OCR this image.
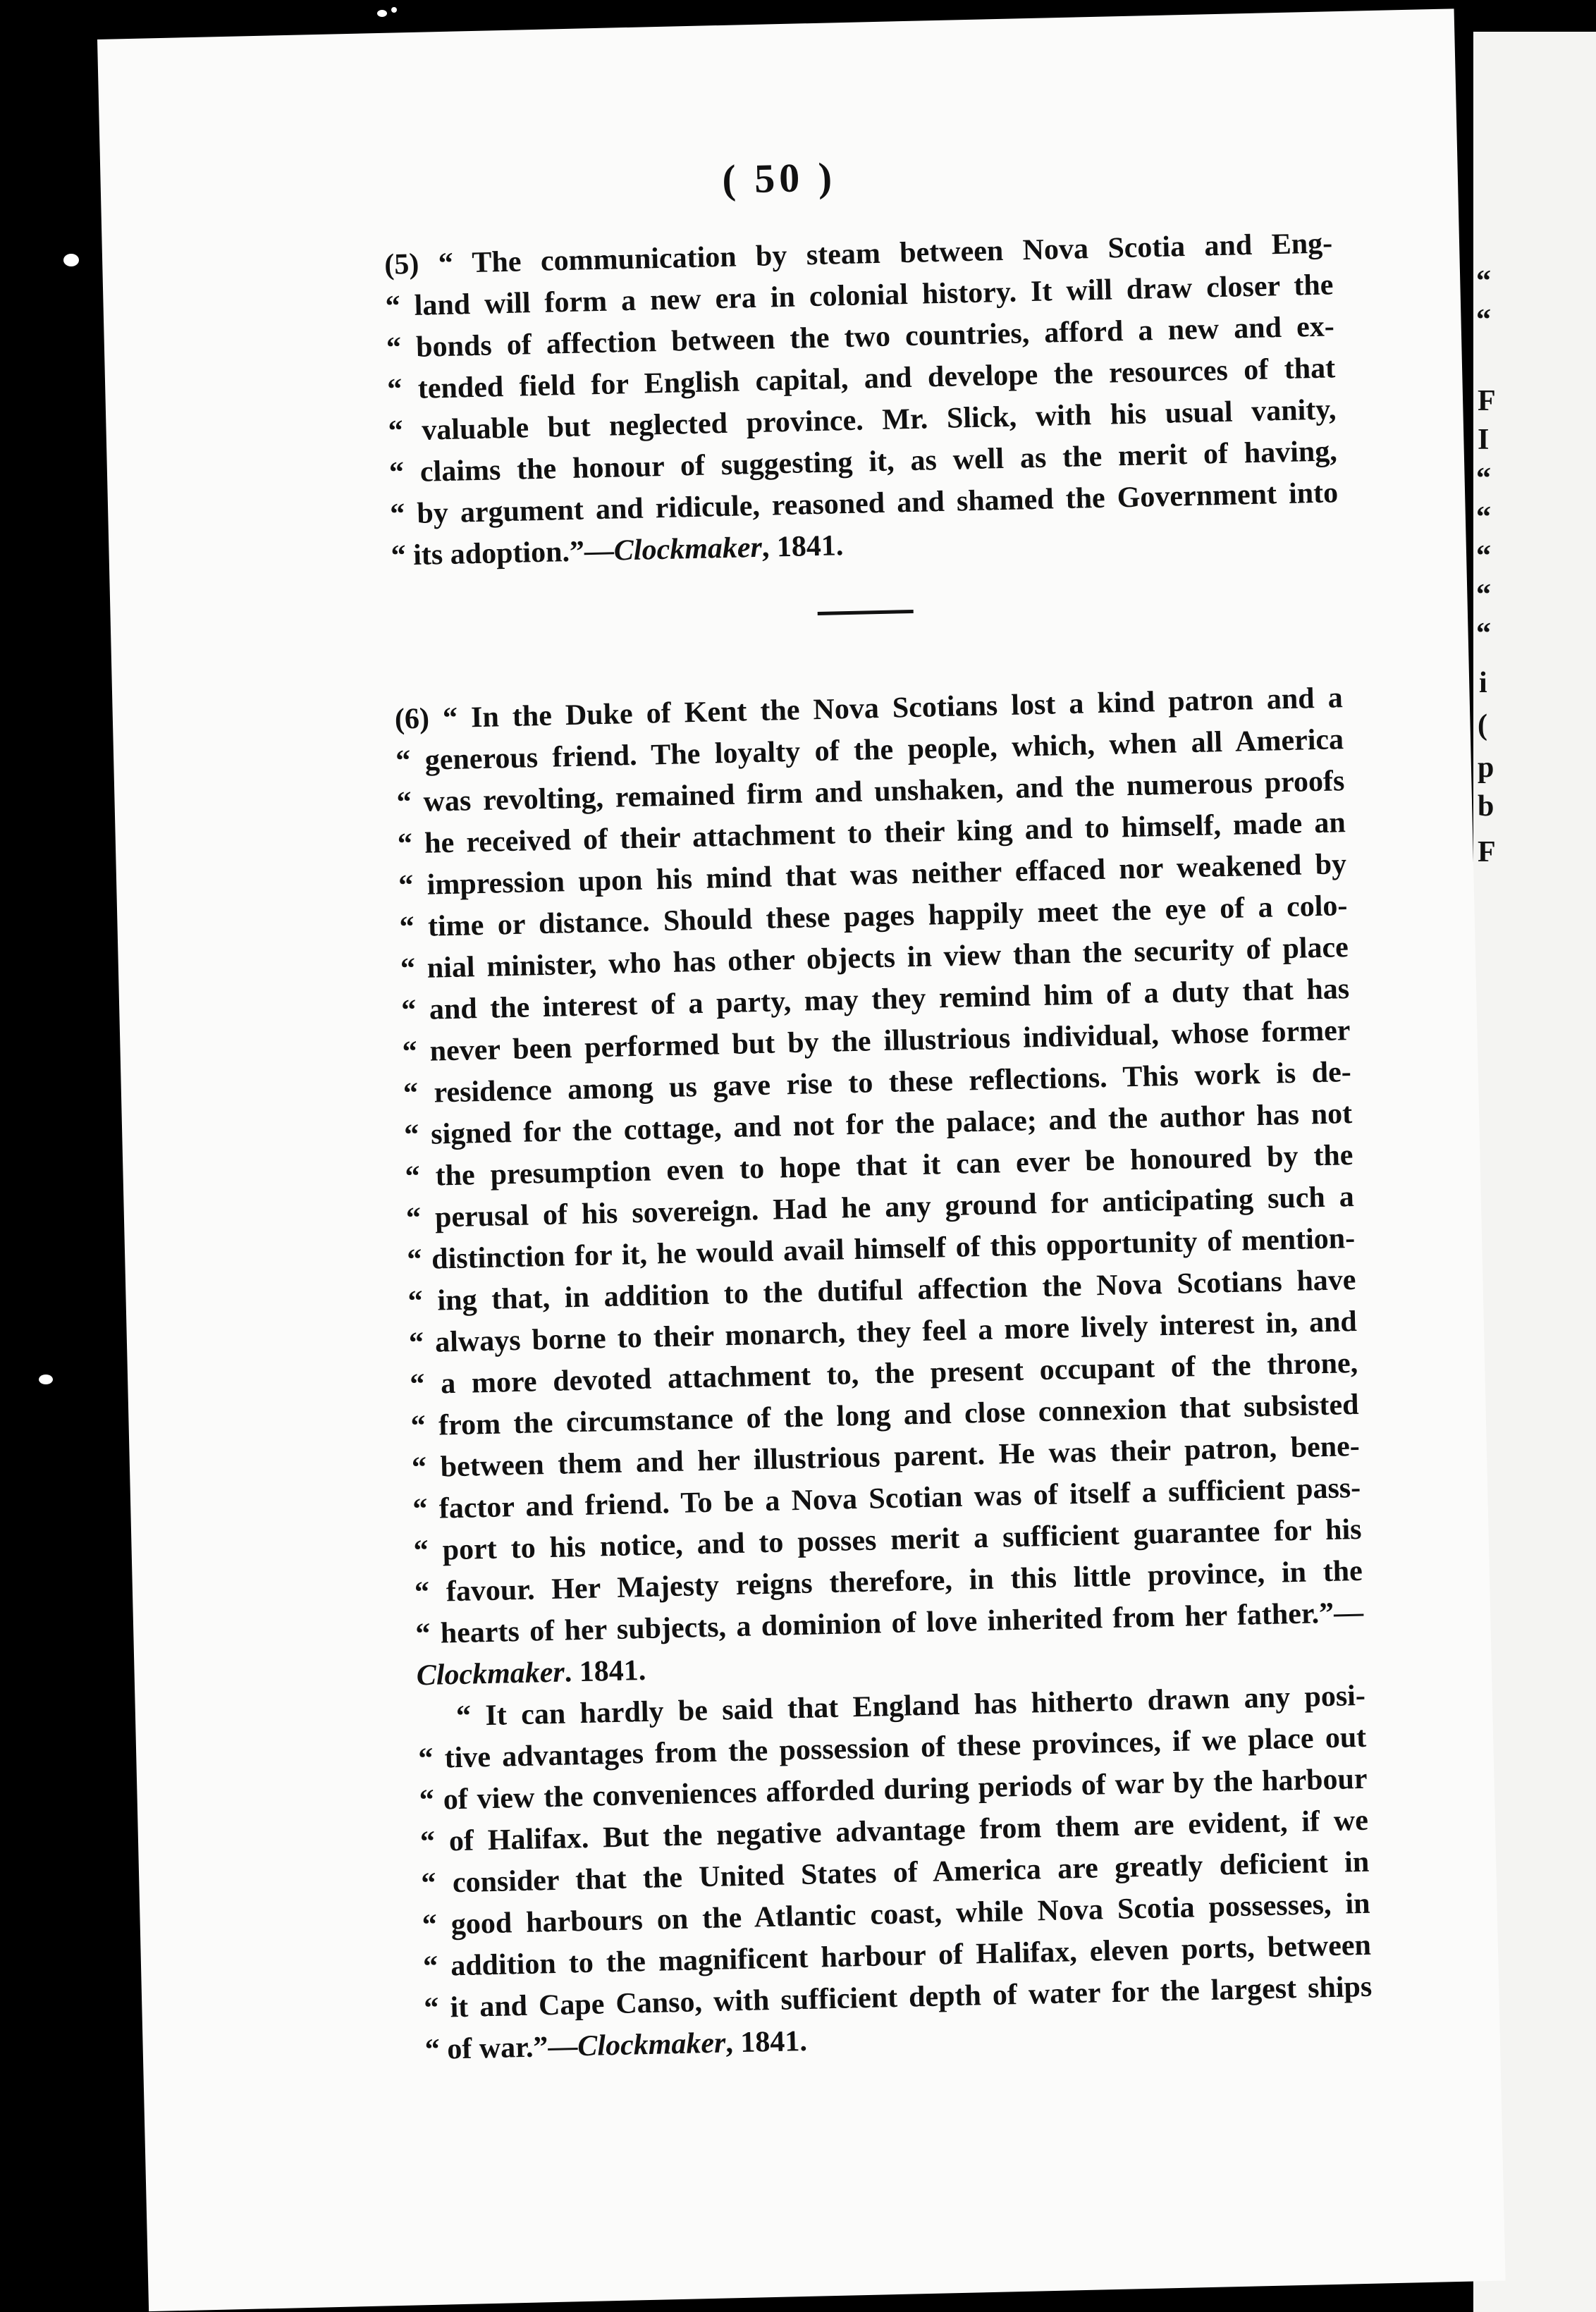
“
“
F
I
“
“
“
“
“
i
(
p
b
F
( 50 )
(5) “ The communication by steam between Nova Scotia and Eng-
“ land will form a new era in colonial history. It will draw closer the
“ bonds of affection between the two countries, afford a new and ex-
“ tended field for English capital, and develope the resources of that
“ valuable but neglected province. Mr. Slick, with his usual vanity,
“ claims the honour of suggesting it, as well as the merit of having,
“ by argument and ridicule, reasoned and shamed the Government into
“ its adoption.”—Clockmaker, 1841.
(6) “ In the Duke of Kent the Nova Scotians lost a kind patron and a
“ generous friend. The loyalty of the people, which, when all America
“ was revolting, remained firm and unshaken, and the numerous proofs
“ he received of their attachment to their king and to himself, made an
“ impression upon his mind that was neither effaced nor weakened by
“ time or distance. Should these pages happily meet the eye of a colo-
“ nial minister, who has other objects in view than the security of place
“ and the interest of a party, may they remind him of a duty that has
“ never been performed but by the illustrious individual, whose former
“ residence among us gave rise to these reflections. This work is de-
“ signed for the cottage, and not for the palace; and the author has not
“ the presumption even to hope that it can ever be honoured by the
“ perusal of his sovereign. Had he any ground for anticipating such a
“ distinction for it, he would avail himself of this opportunity of mention-
“ ing that, in addition to the dutiful affection the Nova Scotians have
“ always borne to their monarch, they feel a more lively interest in, and
“ a more devoted attachment to, the present occupant of the throne,
“ from the circumstance of the long and close connexion that subsisted
“ between them and her illustrious parent. He was their patron, bene-
“ factor and friend. To be a Nova Scotian was of itself a sufficient pass-
“ port to his notice, and to posses merit a sufficient guarantee for his
“ favour. Her Majesty reigns therefore, in this little province, in the
“ hearts of her subjects, a dominion of love inherited from her father.”—
Clockmaker. 1841.
“ It can hardly be said that England has hitherto drawn any posi-
“ tive advantages from the possession of these provinces, if we place out
“ of view the conveniences afforded during periods of war by the harbour
“ of Halifax. But the negative advantage from them are evident, if we
“ consider that the United States of America are greatly deficient in
“ good harbours on the Atlantic coast, while Nova Scotia possesses, in
“ addition to the magnificent harbour of Halifax, eleven ports, between
“ it and Cape Canso, with sufficient depth of water for the largest ships
“ of war.”—Clockmaker, 1841.
